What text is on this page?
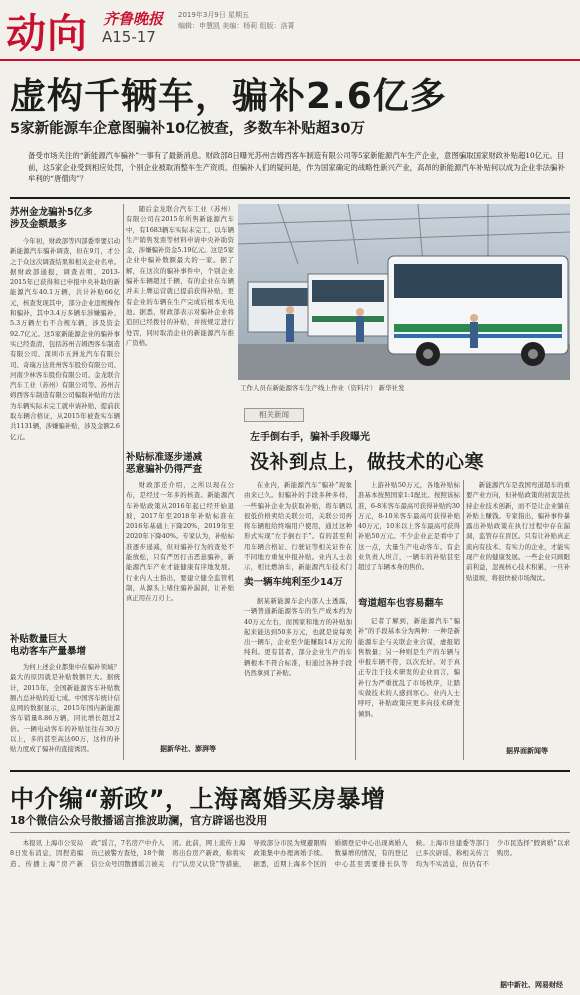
动向 齐鲁晚报
A15-17
2019年3月9日 星期五
编辑：申慧凯 美编：杨莉 组版：洛菁
虚构千辆车，骗补2.6亿多
5家新能源车企意图骗补10亿被查，多数车补贴超30万
备受市场关注的“新能源汽车骗补”一事有了最新消息。财政部8日曝光苏州吉姆西客车制造有限公司等5家新能源汽车生产企业，意图骗取国家财政补贴超10亿元。目前，这5家企业受到相应处罚，个别企业被取消整车生产资质。但骗补人们的疑问是，作为国家确定的战略性新兴产业，高昂的新能源汽车补贴何以成为企业非法骗补牟利的“唐僧肉”？
苏州金龙骗补5亿多
涉及金额最多

今年初，财政部等四部委率要启动新能源汽车骗补调查，但在9月，才公之于众这次调查结果和相关企业名单。据财政部通报，调查表明，2013-2015年已获得和已申报中央补助的新能源汽车40.1万辆，共计补贴66亿元，核查发现其中，部分企业违规操作和骗补，其中3.4万多辆车涉嫌骗补、5.3万辆左右不合规车辆，涉及资金92.7亿元。这5家新能源企业的骗补事实已经查清，包括苏州吉姆西客车制造有限公司、深圳市五洲龙汽车有限公司、奇瑞万达贵州客车股份有限公司、河南少林客车股份有限公司、金龙联合汽车工业（苏州）有限公司等。苏州吉姆西客车制造有限公司骗取补贴的方法为车辆实际未完工就申请补贴、提前获取车辆合格证，从2015年被查实车辆共1131辆，涉嫌骗补贴，涉及金额2.6亿元。

补贴数量巨大
电动客车产量暴增

为何上述企业都集中在骗补领域？最大的原因就是补贴数额巨大。据统计，2015年，全国新能源客车补贴数额占总补贴的近七成。中国客车统计信息网的数据显示，2015年国内新能源客车销量8.86万辆，同比增长超过2倍。一辆电动客车的补贴往往在30万以上，多的甚至高达60万，这样的补贴力度成了骗补的直接诱因。

随后金龙联合汽车工业（苏州）有限公司在2015年所售新能源汽车中，有1683辆车实际未完工，以车辆生产销售发票等材料申请中央补助资金，涉嫌骗补资金5.19亿元。这是5家企业中骗补数额最大的一家。据了解，在这次的骗补事件中，个别企业骗补车辆超过千辆，有的企业在车辆并未上牌运营就已提前获得补贴，更有企业的车辆在生产完成后根本无电池。据悉，财政部表示对骗补企业将追回已经拨付的补贴，并按规定进行处罚，同时取消企业的新能源汽车推广资格。

补贴标准逐步递减
恶意骗补仍得严查

财政部还介绍，之所以现在公布，是经过一年多的核查。新能源汽车补贴政策从2016年起已经开始退坡，2017年至2018年补贴标准在2016年基础上下降20%，2019年至2020年下降40%。专家认为，补贴标准逐步递减，但对骗补行为的查处不能放松，只有严厉打击恶意骗补，新能源汽车产业才能健康有序地发展。行业内人士指出，要建立健全监管机制，从源头上堵住骗补漏洞，让补贴真正用在刀刃上。

据新华社、澎湃等
工作人员在新能源客车生产线上作业（资料片） 新华社发
相关新闻
左手倒右手，骗补手段曝光
没补到点上，做技术的心寒

在业内，新能源汽车“骗补”现象由来已久。但骗补的手段多种多样，一些骗补企业为获取补贴，将车辆以很低价格卖给关联公司，关联公司再将车辆租给终端用户使用，通过这种形式实现“左手倒右手”。有的甚至利用车辆合格证、行驶证等相关证件在不同地方重复申报补贴。业内人士表示，相比燃油车，新能源汽车技术门

卖一辆车纯利至少14万

据某新能源车企内部人士透露，一辆普通新能源客车的生产成本约为40万元左右，而国家和地方的补贴加起来能达到50多万元，也就是说每卖出一辆车，企业至少能赚取14万元的纯利。更有甚者，部分企业生产的车辆根本不符合标准，但通过各种手段仍然拿到了补贴。

上游补贴50万元，各地补贴标准基本按照国家1:1配比。按照该标准，6-8米客车最高可获得补贴约30万元，8-10米客车最高可获得补贴40万元，10米以上客车最高可获得补贴50万元。不少企业正是看中了这一点，大量生产电动客车。有企业负责人坦言，一辆车的补贴甚至超过了车辆本身的售价。

弯道超车也容易翻车

记者了解到，新能源汽车“骗补”的手段基本分为两种：一种是新能源车企与关联企业合谋，虚报销售数量；另一种则是生产的车辆与申报车辆不符，以次充好。对于真正专注于技术研发的企业而言，骗补行为严重扰乱了市场秩序，让踏实做技术的人感到寒心。业内人士呼吁，补贴政策应更多向技术研发倾斜。

新能源汽车是我国弯道超车的重要产业方向，但补贴政策的初衷是扶持企业技术创新，而不是让企业躺在补贴上赚钱。专家指出，骗补事件暴露出补贴政策在执行过程中存在漏洞，监管存在盲区。只有让补贴真正流向有技术、有实力的企业，才能实现产业的健康发展。一些企业只顾眼前利益，忽视核心技术积累，一旦补贴退坡，将很快被市场淘汰。

据界面新闻等
中介编“新政”，上海离婚买房暴增
18个微信公众号散播谣言推波助澜，官方辟谣也没用

本报讯 上海市公安局8日发布消息，因捏造编造、传播上海“房产新政”谣言，7名房产中介人员已被警方查处，18个微信公众号因散播谣言被关闭。此前，网上流传上海将出台房产新政，称将实行“认房又认贷”等措施，导致部分市民为规避限购政策集中办理离婚手续。据悉，近期上海多个区的婚姻登记中心出现离婚人数暴增的情况，有的登记中心甚至需要排长队等候。上海市住建委等部门已多次辟谣，称相关传言均为不实消息，但仍有不少市民选择“假离婚”以求购房。

据中新社、网易财经
